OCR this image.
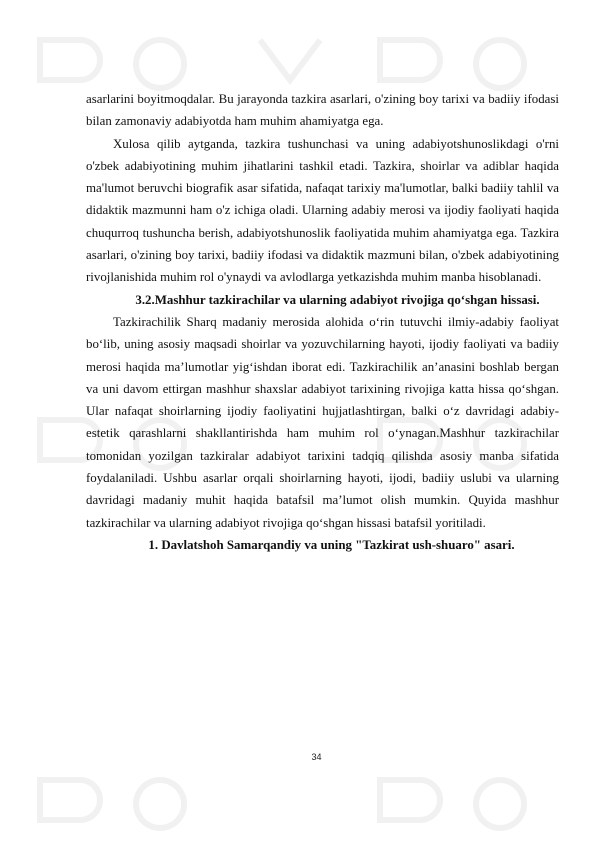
asarlarini boyitmoqdalar. Bu jarayonda tazkira asarlari, o'zining boy tarixi va badiiy ifodasi bilan zamonaviy adabiyotda ham muhim ahamiyatga ega.

Xulosa qilib aytganda, tazkira tushunchasi va uning adabiyotshunoslikdagi o'rni o'zbek adabiyotining muhim jihatlarini tashkil etadi. Tazkira, shoirlar va adiblar haqida ma'lumot beruvchi biografik asar sifatida, nafaqat tarixiy ma'lumotlar, balki badiiy tahlil va didaktik mazmunni ham o'z ichiga oladi. Ularning adabiy merosi va ijodiy faoliyati haqida chuqurroq tushuncha berish, adabiyotshunoslik faoliyatida muhim ahamiyatga ega. Tazkira asarlari, o'zining boy tarixi, badiiy ifodasi va didaktik mazmuni bilan, o'zbek adabiyotining rivojlanishida muhim rol o'ynaydi va avlodlarga yetkazishda muhim manba hisoblanadi.

3.2.Mashhur tazkirachilar va ularning adabiyot rivojiga qo‘shgan hissasi.

Tazkirachilik Sharq madaniy merosida alohida o‘rin tutuvchi ilmiy-adabiy faoliyat bo‘lib, uning asosiy maqsadi shoirlar va yozuvchilarning hayoti, ijodiy faoliyati va badiiy merosi haqida ma’lumotlar yig‘ishdan iborat edi. Tazkirachilik an’anasini boshlab bergan va uni davom ettirgan mashhur shaxslar adabiyot tarixining rivojiga katta hissa qo‘shgan. Ular nafaqat shoirlarning ijodiy faoliyatini hujjatlashtirgan, balki o‘z davridagi adabiy-estetik qarashlarni shakllantirishda ham muhim rol o‘ynagan.Mashhur tazkirachilar tomonidan yozilgan tazkiralar adabiyot tarixini tadqiq qilishda asosiy manba sifatida foydalaniladi. Ushbu asarlar orqali shoirlarning hayoti, ijodi, badiiy uslubi va ularning davridagi madaniy muhit haqida batafsil ma’lumot olish mumkin. Quyida mashhur tazkirachilar va ularning adabiyot rivojiga qo‘shgan hissasi batafsil yoritiladi.

1. Davlatshoh Samarqandiy va uning "Tazkirat ush-shuaro" asari.

34
